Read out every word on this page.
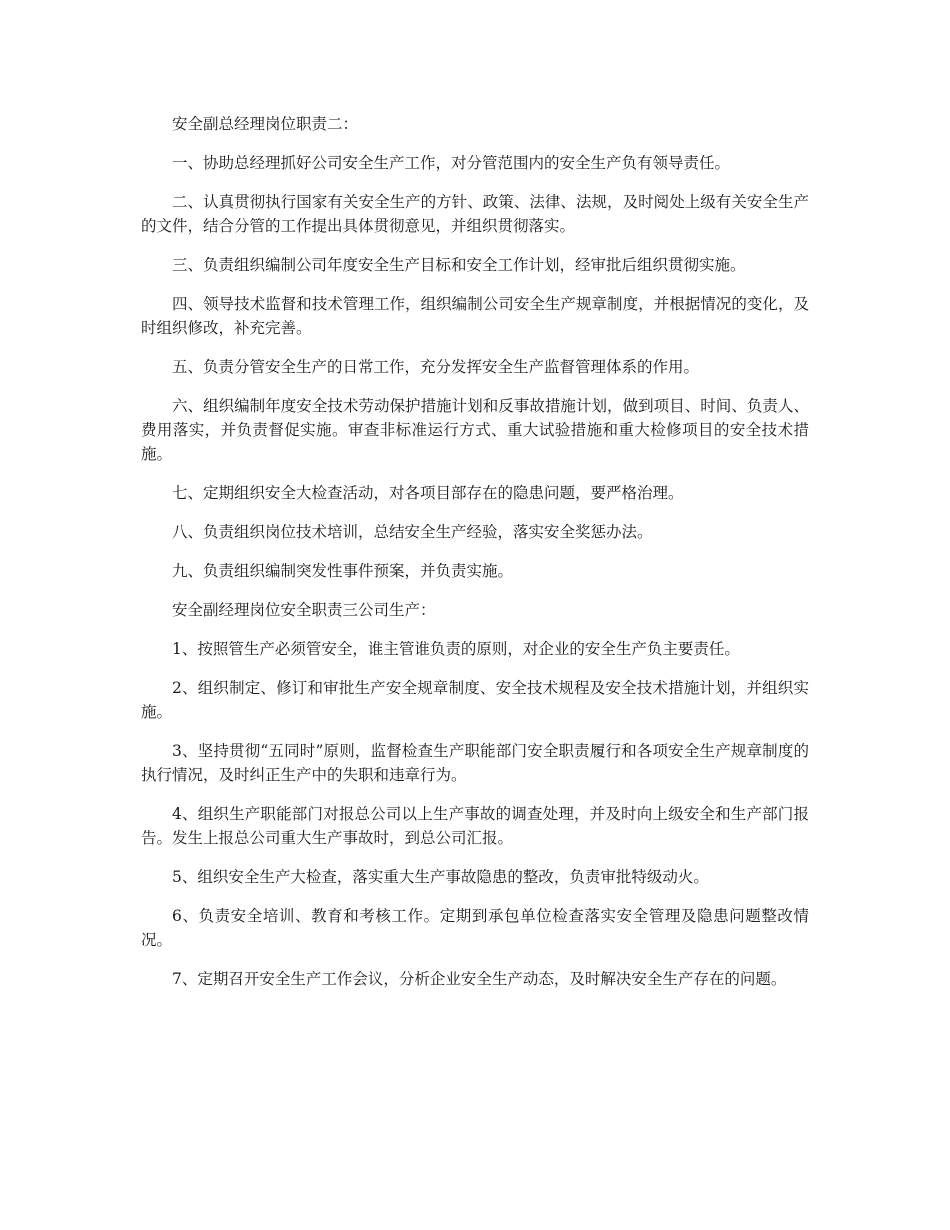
安全副总经理岗位职责二：

一、协助总经理抓好公司安全生产工作，对分管范围内的安全生产负有领导责任。

二、认真贯彻执行国家有关安全生产的方针、政策、法律、法规，及时阅处上级有关安全生产的文件，结合分管的工作提出具体贯彻意见，并组织贯彻落实。

三、负责组织编制公司年度安全生产目标和安全工作计划，经审批后组织贯彻实施。

四、领导技术监督和技术管理工作，组织编制公司安全生产规章制度，并根据情况的变化，及时组织修改，补充完善。

五、负责分管安全生产的日常工作，充分发挥安全生产监督管理体系的作用。

六、组织编制年度安全技术劳动保护措施计划和反事故措施计划，做到项目、时间、负责人、费用落实，并负责督促实施。审查非标准运行方式、重大试验措施和重大检修项目的安全技术措施。

七、定期组织安全大检查活动，对各项目部存在的隐患问题，要严格治理。

八、负责组织岗位技术培训，总结安全生产经验，落实安全奖惩办法。

九、负责组织编制突发性事件预案，并负责实施。

安全副经理岗位安全职责三公司生产：

1、按照管生产必须管安全，谁主管谁负责的原则，对企业的安全生产负主要责任。

2、组织制定、修订和审批生产安全规章制度、安全技术规程及安全技术措施计划，并组织实施。

3、坚持贯彻“五同时”原则，监督检查生产职能部门安全职责履行和各项安全生产规章制度的执行情况，及时纠正生产中的失职和违章行为。

4、组织生产职能部门对报总公司以上生产事故的调查处理，并及时向上级安全和生产部门报告。发生上报总公司重大生产事故时，到总公司汇报。

5、组织安全生产大检查，落实重大生产事故隐患的整改，负责审批特级动火。

6、负责安全培训、教育和考核工作。定期到承包单位检查落实安全管理及隐患问题整改情况。

7、定期召开安全生产工作会议，分析企业安全生产动态，及时解决安全生产存在的问题。
